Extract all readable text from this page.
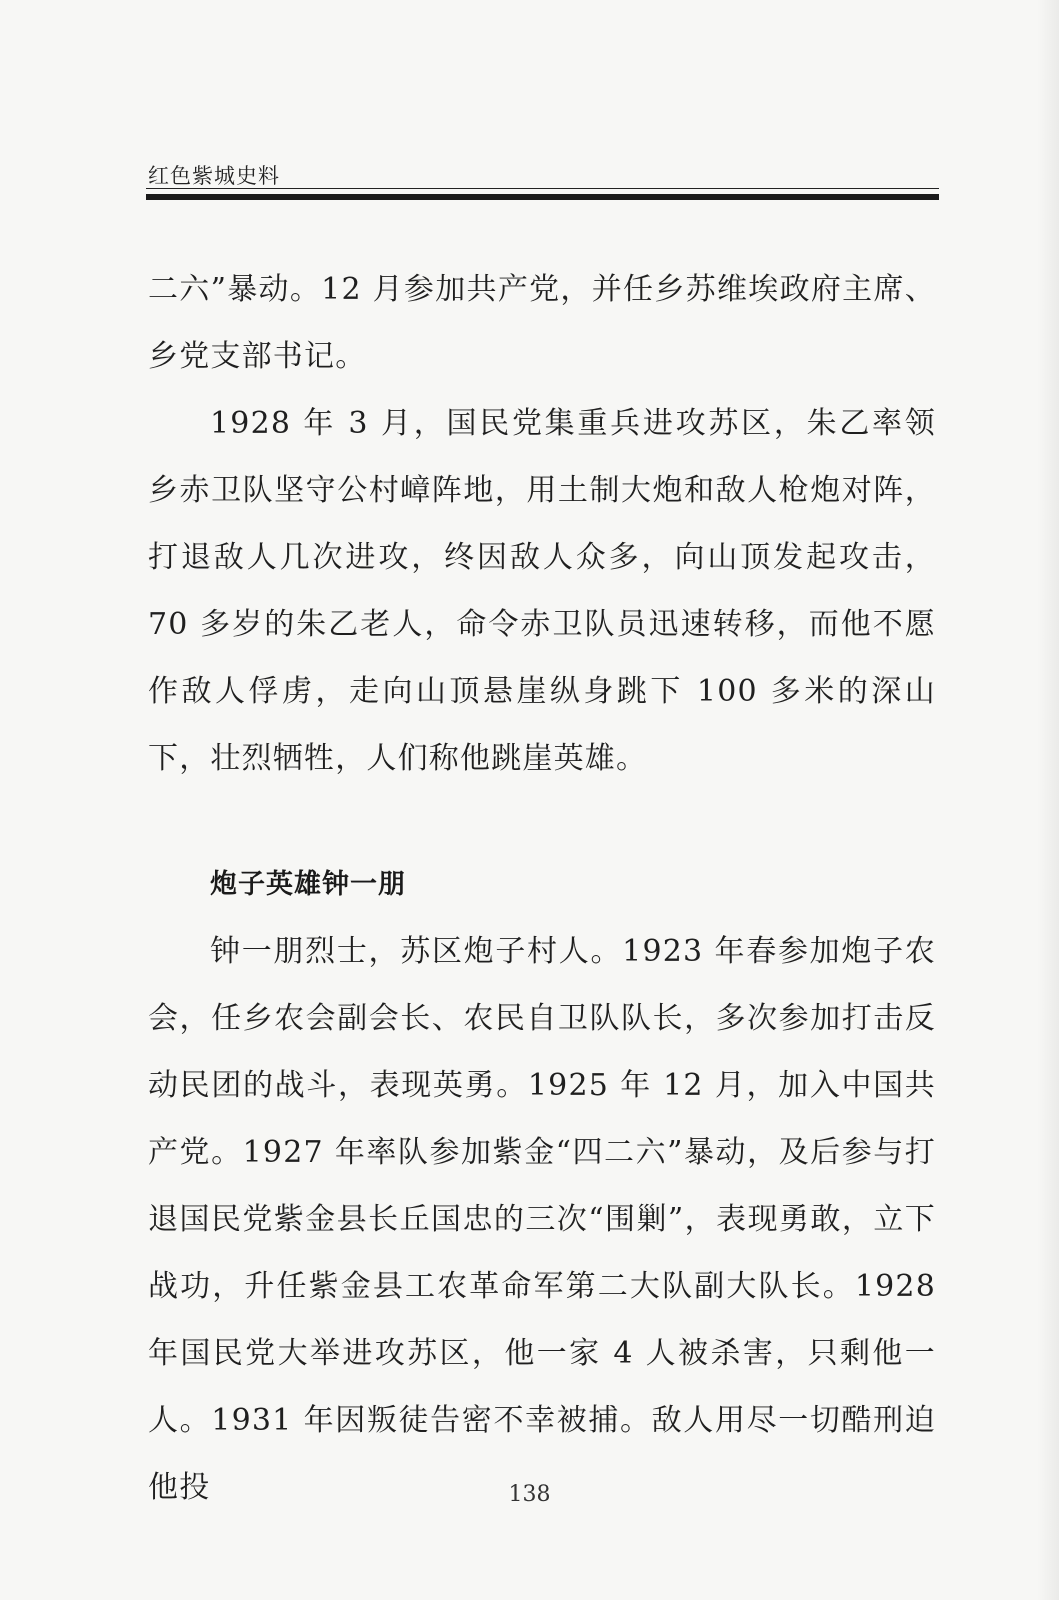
红色紫城史料

二六”暴动。12 月参加共产党，并任乡苏维埃政府主席、乡党支部书记。

1928 年 3 月，国民党集重兵进攻苏区，朱乙率领乡赤卫队坚守公村嶂阵地，用土制大炮和敌人枪炮对阵，打退敌人几次进攻，终因敌人众多，向山顶发起攻击，70 多岁的朱乙老人，命令赤卫队员迅速转移，而他不愿作敌人俘虏，走向山顶悬崖纵身跳下 100 多米的深山下，壮烈牺牲，人们称他跳崖英雄。

炮子英雄钟一朋

钟一朋烈士，苏区炮子村人。1923 年春参加炮子农会，任乡农会副会长、农民自卫队队长，多次参加打击反动民团的战斗，表现英勇。1925 年 12 月，加入中国共产党。1927 年率队参加紫金“四二六”暴动，及后参与打退国民党紫金县长丘国忠的三次“围剿”，表现勇敢，立下战功，升任紫金县工农革命军第二大队副大队长。1928 年国民党大举进攻苏区，他一家 4 人被杀害，只剩他一人。1931 年因叛徒告密不幸被捕。敌人用尽一切酷刑迫他投	138
